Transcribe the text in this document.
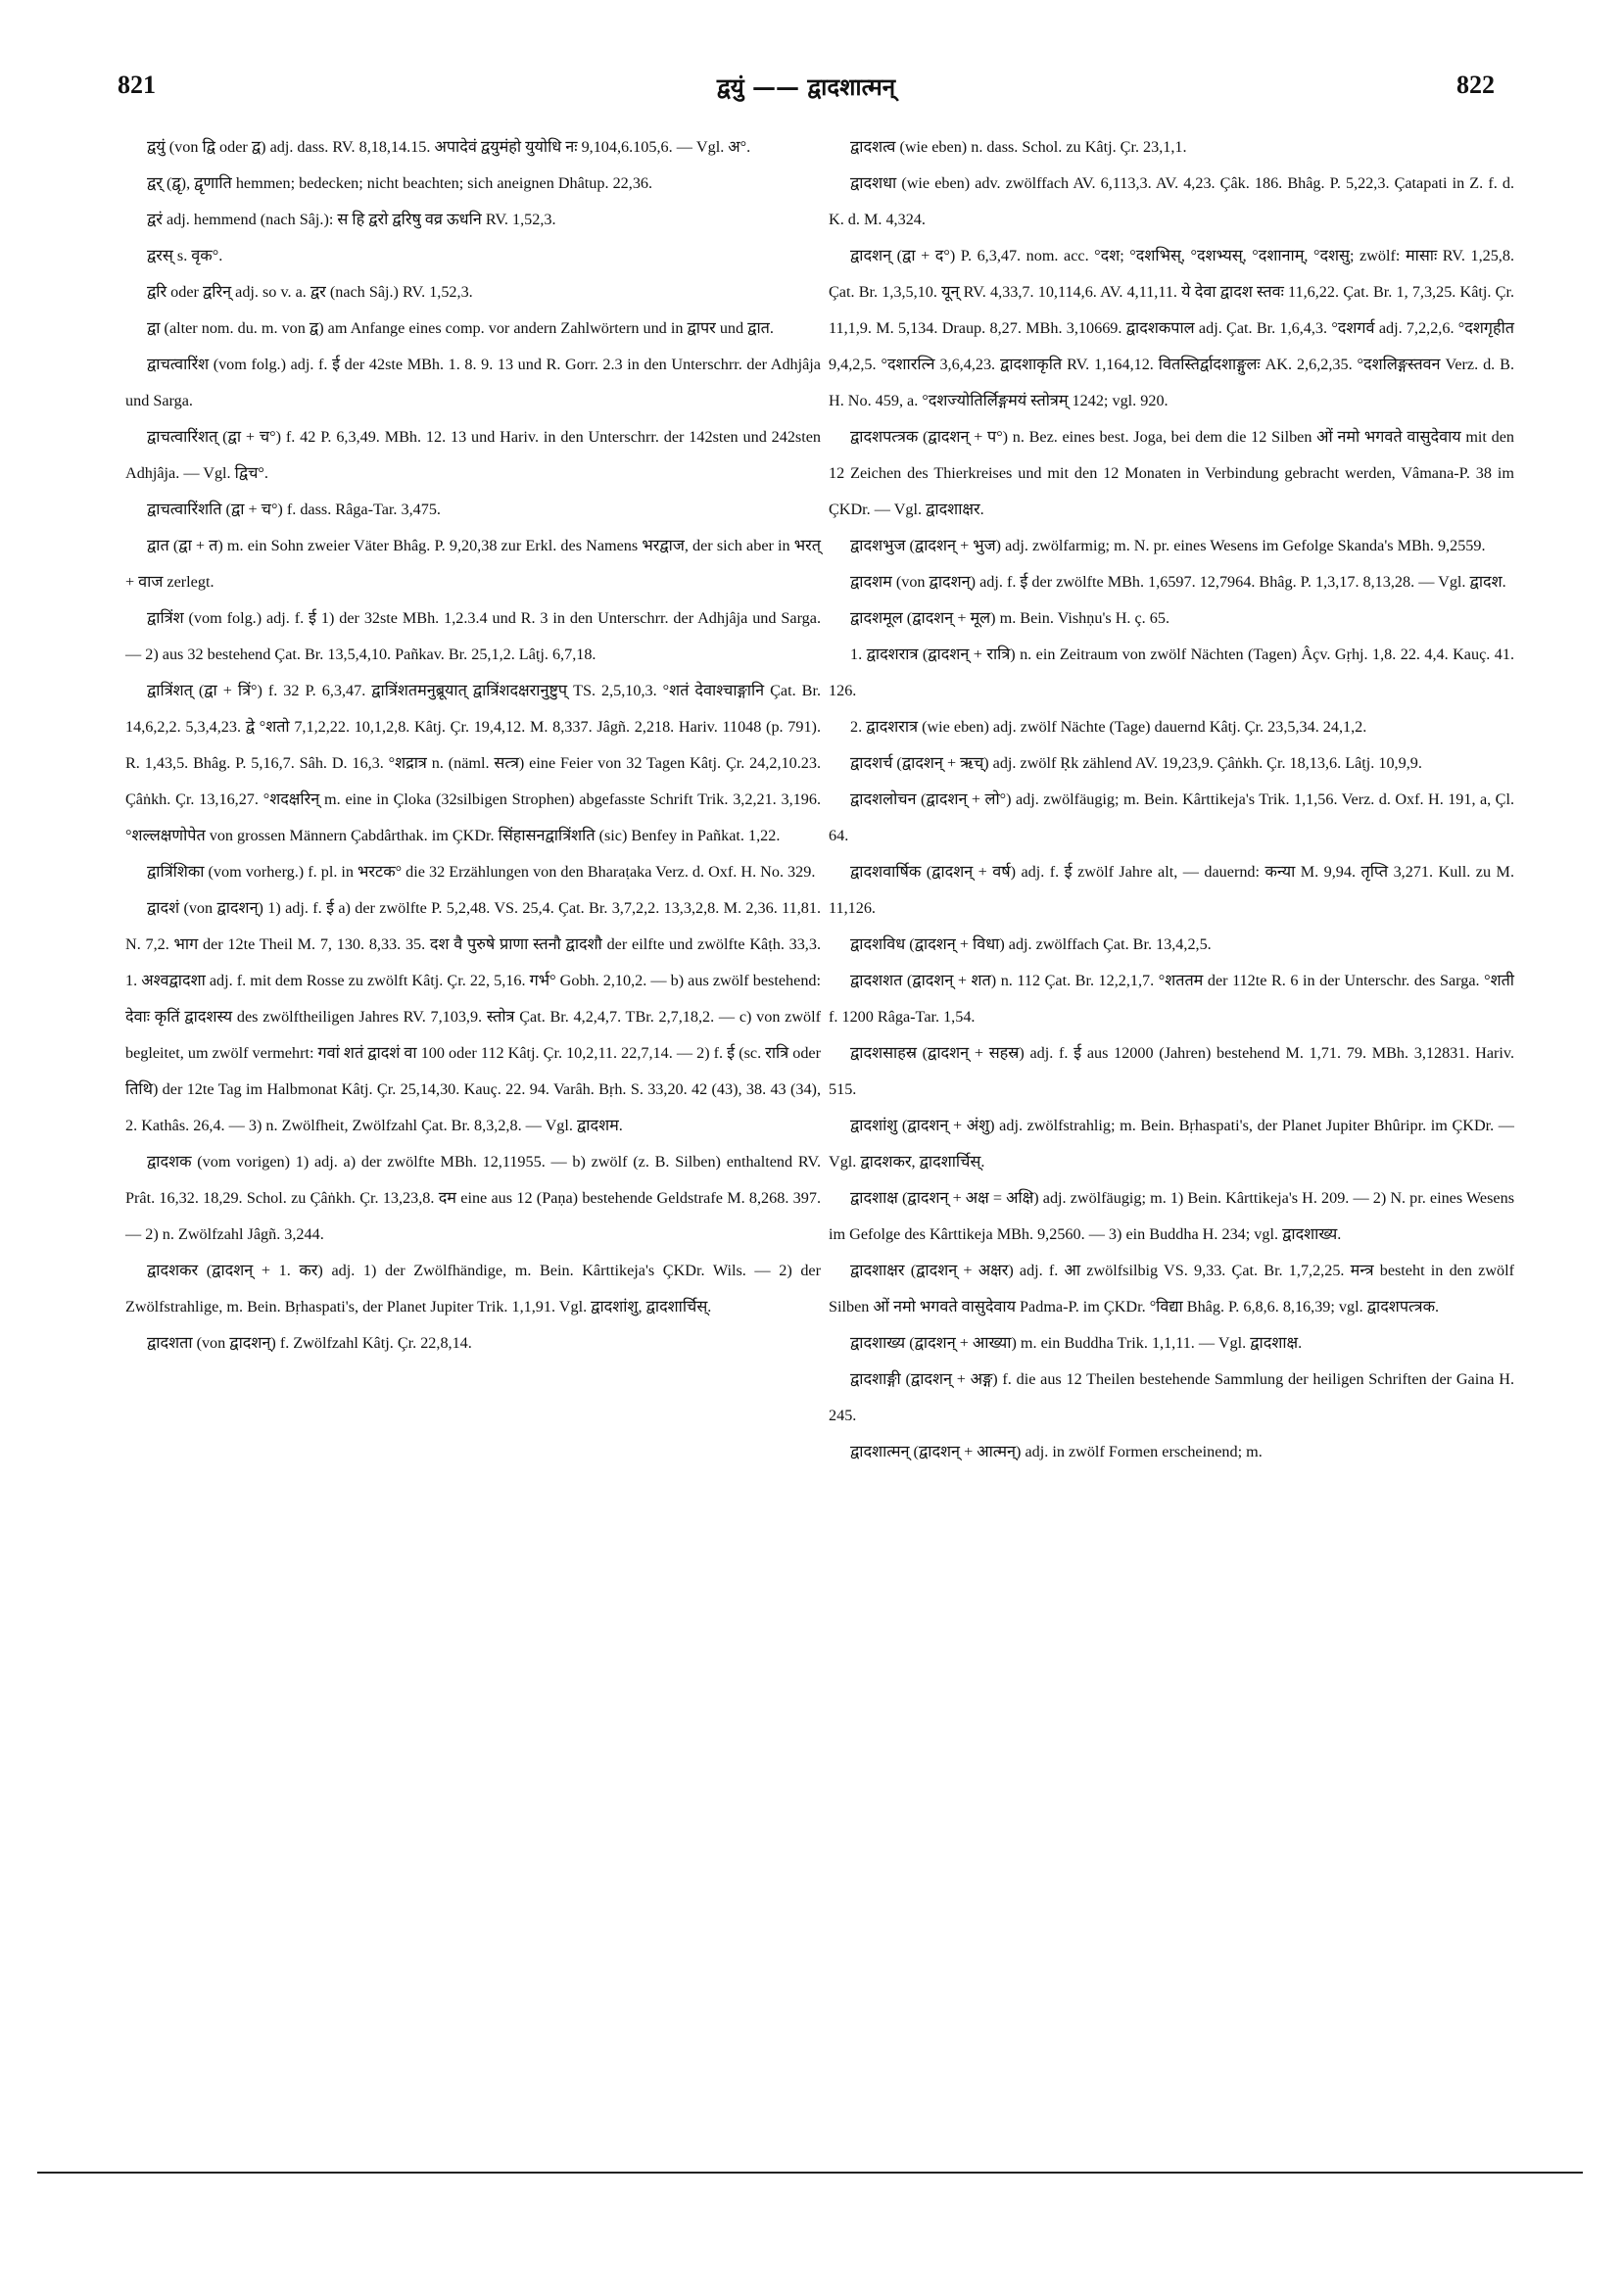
821	द्वयुं —— द्वादशात्मन्	822

द्वयुं (von द्वि oder द्व) adj. dass. RV. 8,18,14.15. अपादेवं द्वयुमंहो युयोधि नः 9,104,6.105,6. — Vgl. अ°.

द्वर् (द्वृ), द्वृणाति hemmen; bedecken; nicht beachten; sich aneignen Dhâtup. 22,36.

द्वरं adj. hemmend (nach Sâj.): स हि द्वरो द्वरिषु वव्र ऊधनि RV. 1,52,3.

द्वरस् s. वृक°.

द्वरि oder द्वरिन् adj. so v. a. द्वर (nach Sâj.) RV. 1,52,3.

द्वा (alter nom. du. m. von द्व) am Anfange eines comp. vor andern Zahlwörtern und in द्वापर und द्वात.

द्वाचत्वारिंश (vom folg.) adj. f. ई der 42ste MBh. 1. 8. 9. 13 und R. Gorr. 2.3 in den Unterschrr. der Adhjâja und Sarga.

द्वाचत्वारिंशत् (द्वा + च°) f. 42 P. 6,3,49. MBh. 12. 13 und Hariv. in den Unterschrr. der 142sten und 242sten Adhjâja. — Vgl. द्विच°.

द्वाचत्वारिंशति (द्वा + च°) f. dass. Râga-Tar. 3,475.

द्वात (द्वा + त) m. ein Sohn zweier Väter Bhâg. P. 9,20,38 zur Erkl. des Namens भरद्वाज, der sich aber in भरत् + वाज zerlegt.

द्वात्रिंश (vom folg.) adj. f. ई 1) der 32ste MBh. 1,2.3.4 und R. 3 in den Unterschrr. der Adhjâja und Sarga. — 2) aus 32 bestehend Çat. Br. 13,5,4,10. Pañkav. Br. 25,1,2. Lâṭj. 6,7,18.

द्वात्रिंशत् (द्वा + त्रिं°) f. 32 P. 6,3,47. द्वात्रिंशतमनुब्रूयात् द्वात्रिंशदक्षरानुष्टुप् TS. 2,5,10,3. °शतं देवाश्चाङ्गानि Çat. Br. 14,6,2,2. 5,3,4,23. द्वे °शतो 7,1,2,22. 10,1,2,8. Kâtj. Çr. 19,4,12. M. 8,337. Jâgñ. 2,218. Hariv. 11048 (p. 791). R. 1,43,5. Bhâg. P. 5,16,7. Sâh. D. 16,3. °शद्रात्र n. (näml. सत्त्र) eine Feier von 32 Tagen Kâtj. Çr. 24,2,10.23. Çâṅkh. Çr. 13,16,27. °शदक्षरिन् m. eine in Çloka (32silbigen Strophen) abgefasste Schrift Trik. 3,2,21. 3,196. °शल्लक्षणोपेत von grossen Männern Çabdârthak. im ÇKDr. सिंहासनद्वात्रिंशति (sic) Benfey in Pañkat. 1,22.

द्वात्रिंशिका (vom vorherg.) f. pl. in भरटक° die 32 Erzählungen von den Bharaṭaka Verz. d. Oxf. H. No. 329.

द्वादशं (von द्वादशन्) 1) adj. f. ई a) der zwölfte P. 5,2,48. VS. 25,4. Çat. Br. 3,7,2,2. 13,3,2,8. M. 2,36. 11,81. N. 7,2. भाग der 12te Theil M. 7, 130. 8,33. 35. दश वै पुरुषे प्राणा स्तनौ द्वादशौ der eilfte und zwölfte Kâṭh. 33,3. 1. अश्वद्वादशा adj. f. mit dem Rosse zu zwölft Kâtj. Çr. 22, 5,16. गर्भ° Gobh. 2,10,2. — b) aus zwölf bestehend: देवाः कृतिं द्वादशस्य des zwölftheiligen Jahres RV. 7,103,9. स्तोत्र Çat. Br. 4,2,4,7. TBr. 2,7,18,2. — c) von zwölf begleitet, um zwölf vermehrt: गवां शतं द्वादशं वा 100 oder 112 Kâtj. Çr. 10,2,11. 22,7,14. — 2) f. ई (sc. रात्रि oder तिथि) der 12te Tag im Halbmonat Kâtj. Çr. 25,14,30. Kauç. 22. 94. Varâh. Bṛh. S. 33,20. 42 (43), 38. 43 (34), 2. Kathâs. 26,4. — 3) n. Zwölfheit, Zwölfzahl Çat. Br. 8,3,2,8. — Vgl. द्वादशम.

द्वादशक (vom vorigen) 1) adj. a) der zwölfte MBh. 12,11955. — b) zwölf (z. B. Silben) enthaltend RV. Prât. 16,32. 18,29. Schol. zu Çâṅkh. Çr. 13,23,8. दम eine aus 12 (Paṇa) bestehende Geldstrafe M. 8,268. 397. — 2) n. Zwölfzahl Jâgñ. 3,244.

द्वादशकर (द्वादशन् + 1. कर) adj. 1) der Zwölfhändige, m. Bein. Kârttikeja's ÇKDr. Wils. — 2) der Zwölfstrahlige, m. Bein. Bṛhaspati's, der Planet Jupiter Trik. 1,1,91. Vgl. द्वादशांशु, द्वादशार्चिस्.

द्वादशता (von द्वादशन्) f. Zwölfzahl Kâtj. Çr. 22,8,14.

द्वादशत्व (wie eben) n. dass. Schol. zu Kâtj. Çr. 23,1,1.

द्वादशधा (wie eben) adv. zwölffach AV. 6,113,3. AV. 4,23. Çâk. 186. Bhâg. P. 5,22,3. Çatapati in Z. f. d. K. d. M. 4,324.

द्वादशन् (द्वा + द°) P. 6,3,47. nom. acc. °दश; °दशभिस्, °दशभ्यस्, °दशानाम्, °दशसु; zwölf: मासाः RV. 1,25,8. Çat. Br. 1,3,5,10. यून् RV. 4,33,7. 10,114,6. AV. 4,11,11. ये देवा द्वादश स्तवः 11,6,22. Çat. Br. 1, 7,3,25. Kâtj. Çr. 11,1,9. M. 5,134. Draup. 8,27. MBh. 3,10669. द्वादशकपाल adj. Çat. Br. 1,6,4,3. °दशगर्व adj. 7,2,2,6. °दशगृहीत 9,4,2,5. °दशारत्नि 3,6,4,23. द्वादशाकृति RV. 1,164,12. वितस्तिर्द्वादशाङ्गुलः AK. 2,6,2,35. °दशलिङ्गस्तवन Verz. d. B. H. No. 459, a. °दशज्योतिर्लिङ्गमयं स्तोत्रम् 1242; vgl. 920.

द्वादशपत्त्रक (द्वादशन् + प°) n. Bez. eines best. Joga, bei dem die 12 Silben ओं नमो भगवते वासुदेवाय mit den 12 Zeichen des Thierkreises und mit den 12 Monaten in Verbindung gebracht werden, Vâmana-P. 38 im ÇKDr. — Vgl. द्वादशाक्षर.

द्वादशभुज (द्वादशन् + भुज) adj. zwölfarmig; m. N. pr. eines Wesens im Gefolge Skanda's MBh. 9,2559.

द्वादशम (von द्वादशन्) adj. f. ई der zwölfte MBh. 1,6597. 12,7964. Bhâg. P. 1,3,17. 8,13,28. — Vgl. द्वादश.

द्वादशमूल (द्वादशन् + मूल) m. Bein. Vishṇu's H. ç. 65.

1. द्वादशरात्र (द्वादशन् + रात्रि) n. ein Zeitraum von zwölf Nächten (Tagen) Âçv. Gṛhj. 1,8. 22. 4,4. Kauç. 41. 126.

2. द्वादशरात्र (wie eben) adj. zwölf Nächte (Tage) dauernd Kâtj. Çr. 23,5,34. 24,1,2.

द्वादशर्च (द्वादशन् + ऋच्) adj. zwölf Ṛk zählend AV. 19,23,9. Çâṅkh. Çr. 18,13,6. Lâṭj. 10,9,9.

द्वादशलोचन (द्वादशन् + लो°) adj. zwölfäugig; m. Bein. Kârttikeja's Trik. 1,1,56. Verz. d. Oxf. H. 191, a, Çl. 64.

द्वादशवार्षिक (द्वादशन् + वर्ष) adj. f. ई zwölf Jahre alt, — dauernd: कन्या M. 9,94. तृप्ति 3,271. Kull. zu M. 11,126.

द्वादशविध (द्वादशन् + विधा) adj. zwölffach Çat. Br. 13,4,2,5.

द्वादशशत (द्वादशन् + शत) n. 112 Çat. Br. 12,2,1,7. °शततम der 112te R. 6 in der Unterschr. des Sarga. °शती f. 1200 Râga-Tar. 1,54.

द्वादशसाहस्र (द्वादशन् + सहस्र) adj. f. ई aus 12000 (Jahren) bestehend M. 1,71. 79. MBh. 3,12831. Hariv. 515.

द्वादशांशु (द्वादशन् + अंशु) adj. zwölfstrahlig; m. Bein. Bṛhaspati's, der Planet Jupiter Bhûripr. im ÇKDr. — Vgl. द्वादशकर, द्वादशार्चिस्.

द्वादशाक्ष (द्वादशन् + अक्ष = अक्षि) adj. zwölfäugig; m. 1) Bein. Kârttikeja's H. 209. — 2) N. pr. eines Wesens im Gefolge des Kârttikeja MBh. 9,2560. — 3) ein Buddha H. 234; vgl. द्वादशाख्य.

द्वादशाक्षर (द्वादशन् + अक्षर) adj. f. आ zwölfsilbig VS. 9,33. Çat. Br. 1,7,2,25. मन्त्र besteht in den zwölf Silben ओं नमो भगवते वासुदेवाय Padma-P. im ÇKDr. °विद्या Bhâg. P. 6,8,6. 8,16,39; vgl. द्वादशपत्त्रक.

द्वादशाख्य (द्वादशन् + आख्या) m. ein Buddha Trik. 1,1,11. — Vgl. द्वादशाक्ष.

द्वादशाङ्गी (द्वादशन् + अङ्ग) f. die aus 12 Theilen bestehende Sammlung der heiligen Schriften der Gaina H. 245.

द्वादशात्मन् (द्वादशन् + आत्मन्) adj. in zwölf Formen erscheinend; m.
